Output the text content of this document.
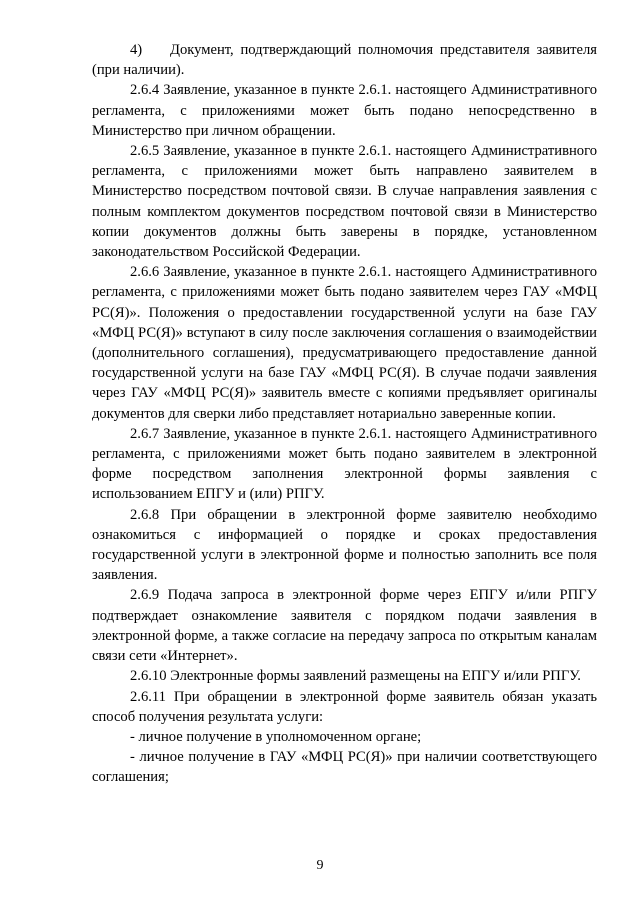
4) Документ, подтверждающий полномочия представителя заявителя (при наличии).

2.6.4 Заявление, указанное в пункте 2.6.1. настоящего Административного регламента, с приложениями может быть подано непосредственно в Министерство при личном обращении.

2.6.5 Заявление, указанное в пункте 2.6.1. настоящего Административного регламента, с приложениями может быть направлено заявителем в Министерство посредством почтовой связи. В случае направления заявления с полным комплектом документов посредством почтовой связи в Министерство копии документов должны быть заверены в порядке, установленном законодательством Российской Федерации.

2.6.6 Заявление, указанное в пункте 2.6.1. настоящего Административного регламента, с приложениями может быть подано заявителем через ГАУ «МФЦ РС(Я)». Положения о предоставлении государственной услуги на базе ГАУ «МФЦ РС(Я)» вступают в силу после заключения соглашения о взаимодействии (дополнительного соглашения), предусматривающего предоставление данной государственной услуги на базе ГАУ «МФЦ РС(Я). В случае подачи заявления через ГАУ «МФЦ РС(Я)» заявитель вместе с копиями предъявляет оригиналы документов для сверки либо представляет нотариально заверенные копии.

2.6.7 Заявление, указанное в пункте 2.6.1. настоящего Административного регламента, с приложениями может быть подано заявителем в электронной форме посредством заполнения электронной формы заявления с использованием ЕПГУ и (или) РПГУ.

2.6.8 При обращении в электронной форме заявителю необходимо ознакомиться с информацией о порядке и сроках предоставления государственной услуги в электронной форме и полностью заполнить все поля заявления.

2.6.9 Подача запроса в электронной форме через ЕПГУ и/или РПГУ подтверждает ознакомление заявителя с порядком подачи заявления в электронной форме, а также согласие на передачу запроса по открытым каналам связи сети «Интернет».

2.6.10 Электронные формы заявлений размещены на ЕПГУ и/или РПГУ.

2.6.11 При обращении в электронной форме заявитель обязан указать способ получения результата услуги:

- личное получение в уполномоченном органе;

- личное получение в ГАУ «МФЦ РС(Я)» при наличии соответствующего соглашения;

9
